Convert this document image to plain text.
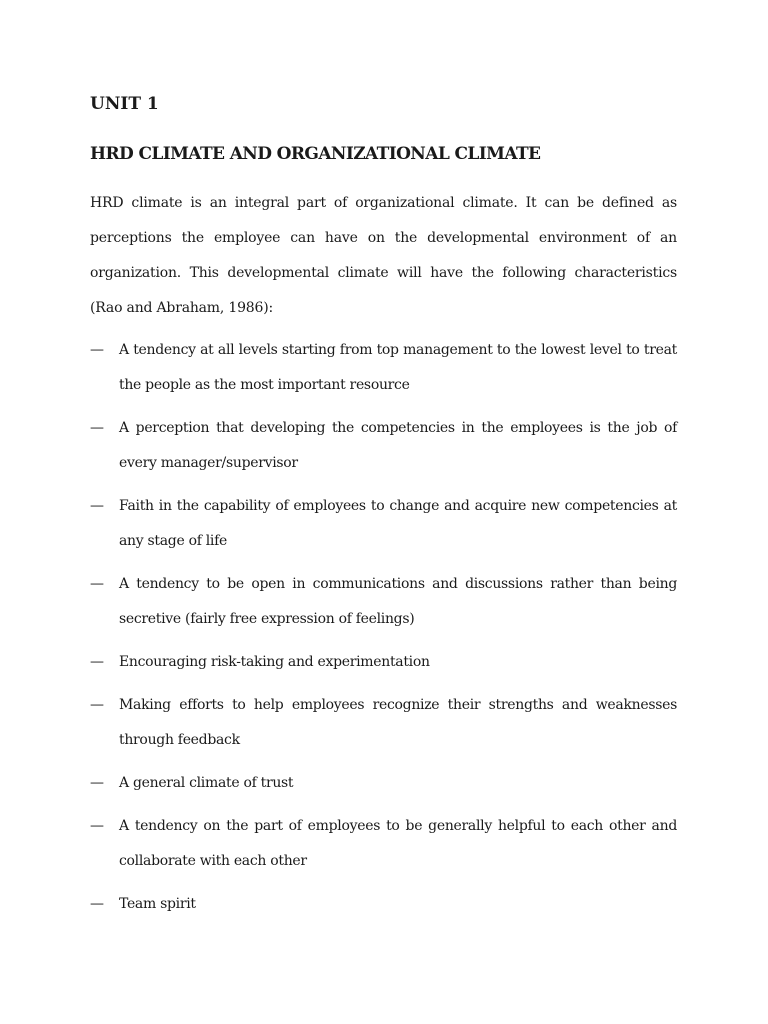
UNIT 1
HRD CLIMATE AND ORGANIZATIONAL CLIMATE

HRD climate is an integral part of organizational climate. It can be defined as perceptions the employee can have on the developmental environment of an organization. This developmental climate will have the following characteristics (Rao and Abraham, 1986):

—	A tendency at all levels starting from top management to the lowest level to treat the people as the most important resource
—	A perception that developing the competencies in the employees is the job of every manager/supervisor
—	Faith in the capability of employees to change and acquire new competencies at any stage of life
—	A tendency to be open in communications and discussions rather than being secretive (fairly free expression of feelings)
—	Encouraging risk-taking and experimentation
—	Making efforts to help employees recognize their strengths and weaknesses through feedback
—	A general climate of trust
—	A tendency on the part of employees to be generally helpful to each other and collaborate with each other
—	Team spirit
